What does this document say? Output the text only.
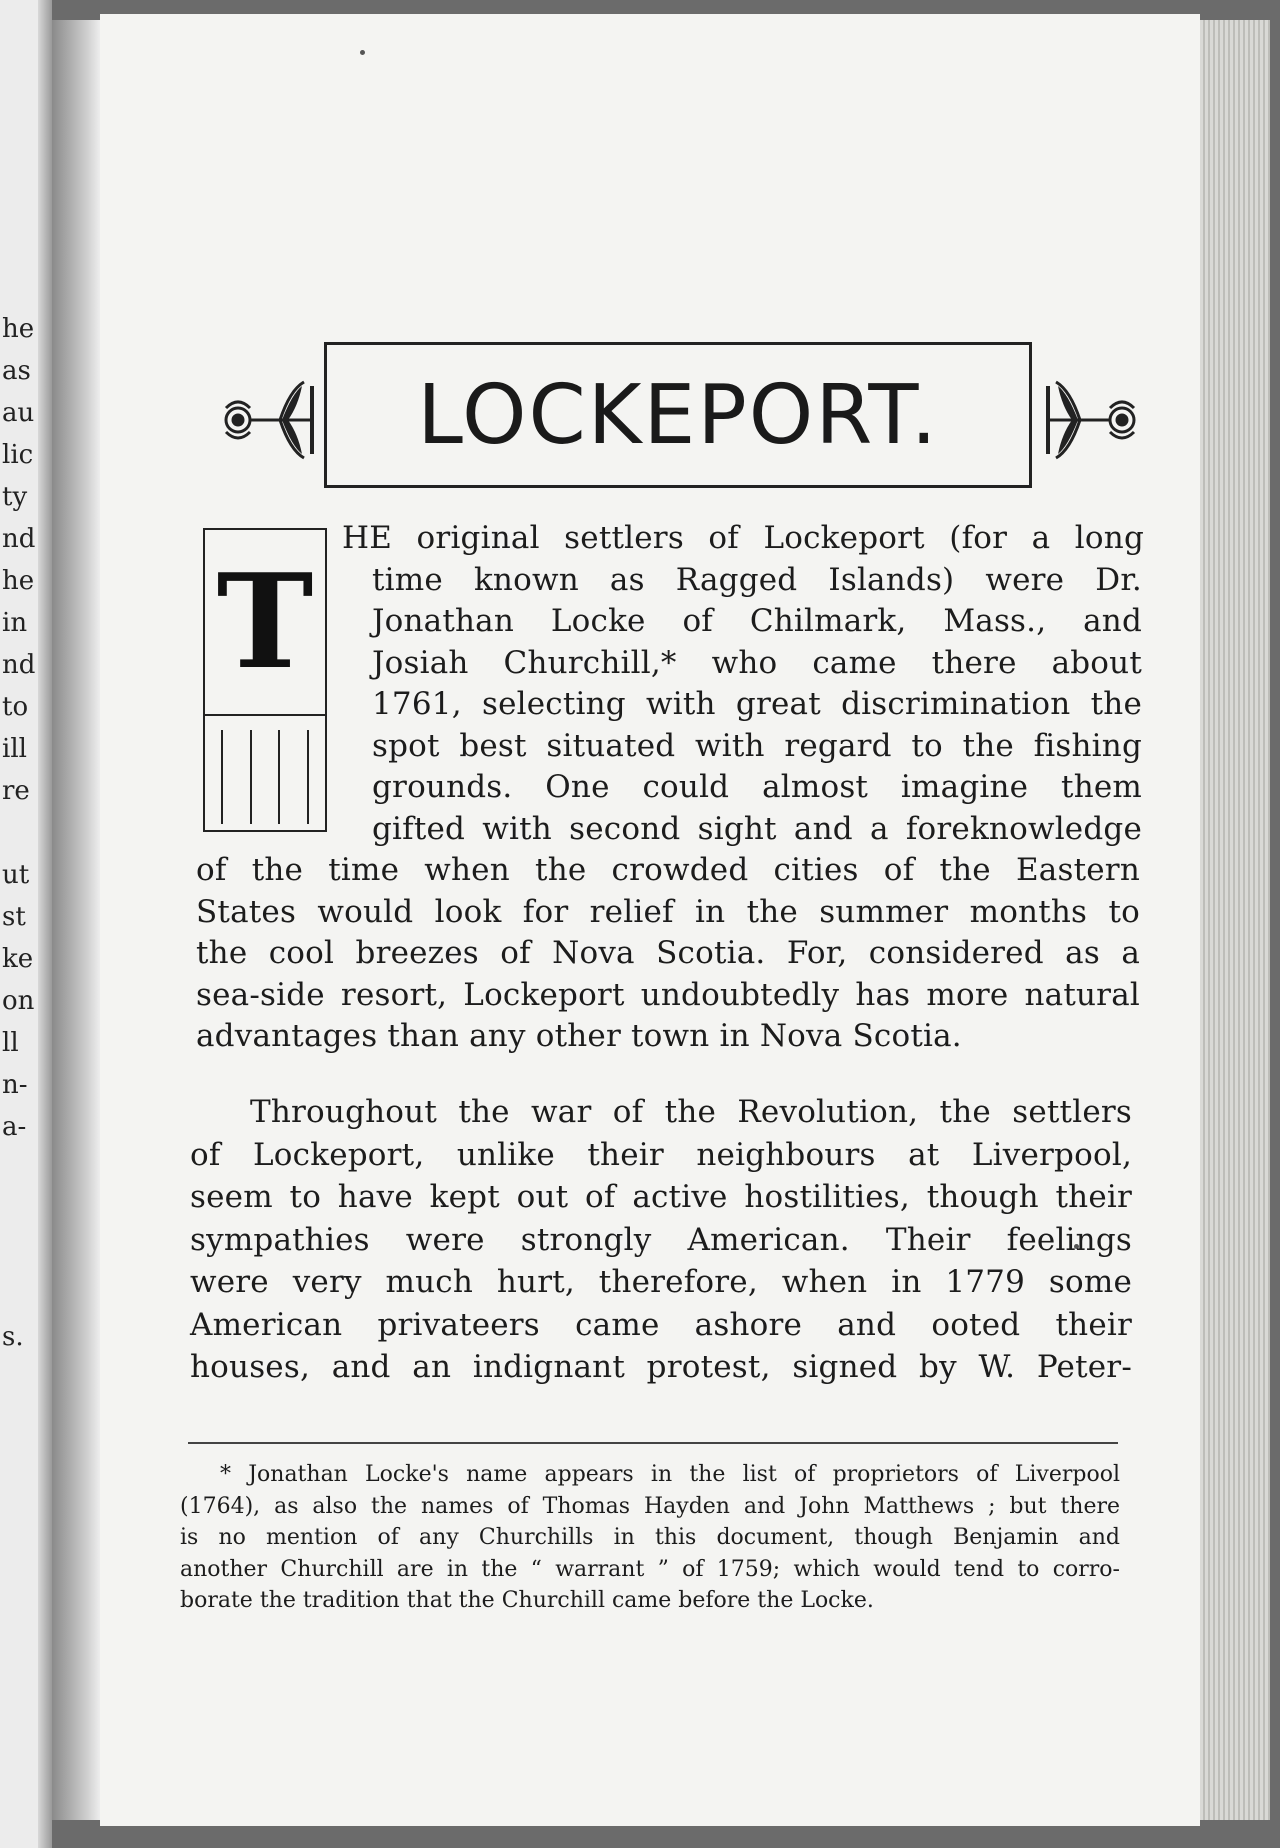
he
as
au
lic
ty
nd
he
in
nd
to
ill
re
ut
st
ke
on
ll
n-
a-
s.
LOCKEPORT.
T
HE original settlers of Lockeport (for a long
time known as Ragged Islands) were Dr.
Jonathan Locke of Chilmark, Mass., and
Josiah Churchill,* who came there about
1761, selecting with great discrimination the
spot best situated with regard to the fishing
grounds. One could almost imagine them
gifted with second sight and a foreknowledge
of the time when the crowded cities of the Eastern
States would look for relief in the summer months to
the cool breezes of Nova Scotia. For, considered as a
sea-side resort, Lockeport undoubtedly has more natural
advantages than any other town in Nova Scotia.
Throughout the war of the Revolution, the settlers
of Lockeport, unlike their neighbours at Liverpool,
seem to have kept out of active hostilities, though their
sympathies were strongly American. Their feelings
were very much hurt, therefore, when in 1779 some
American privateers came ashore and ooted their
houses, and an indignant protest, signed by W. Peter-
* Jonathan Locke's name appears in the list of proprietors of Liverpool
(1764), as also the names of Thomas Hayden and John Matthews ; but there
is no mention of any Churchills in this document, though Benjamin and
another Churchill are in the “ warrant ” of 1759; which would tend to corro-
borate the tradition that the Churchill came before the Locke.
